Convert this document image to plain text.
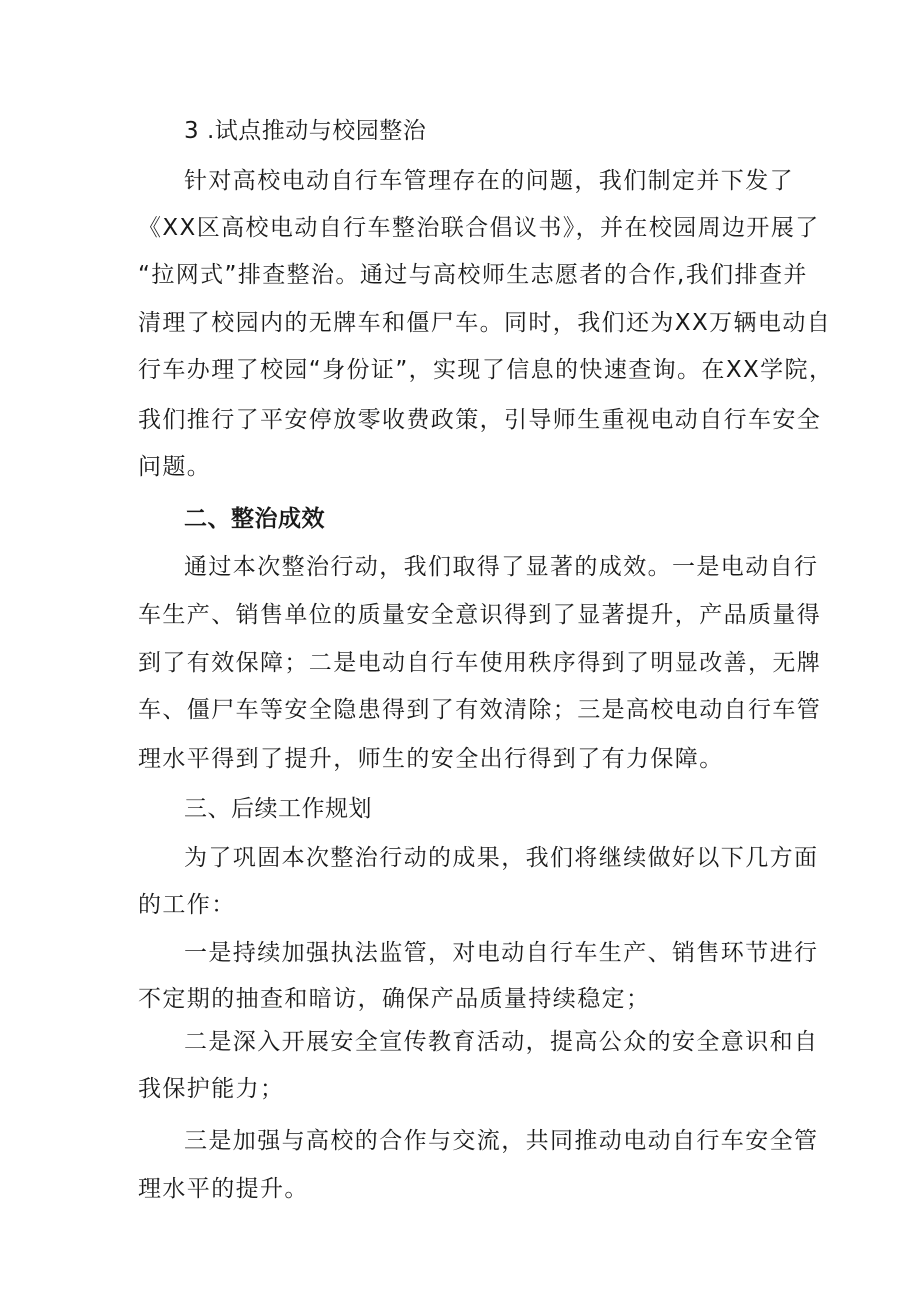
3 .试点推动与校园整治
针对高校电动自行车管理存在的问题，我们制定并下发了
《XX区高校电动自行车整治联合倡议书》，并在校园周边开展了
“拉网式”排查整治。通过与高校师生志愿者的合作,我们排查并
清理了校园内的无牌车和僵尸车。同时，我们还为XX万辆电动自
行车办理了校园“身份证”，实现了信息的快速查询。在XX学院，
我们推行了平安停放零收费政策，引导师生重视电动自行车安全
问题。
二、整治成效
通过本次整治行动，我们取得了显著的成效。一是电动自行
车生产、销售单位的质量安全意识得到了显著提升，产品质量得
到了有效保障；二是电动自行车使用秩序得到了明显改善，无牌
车、僵尸车等安全隐患得到了有效清除；三是高校电动自行车管
理水平得到了提升，师生的安全出行得到了有力保障。
三、后续工作规划
为了巩固本次整治行动的成果，我们将继续做好以下几方面
的工作：
一是持续加强执法监管，对电动自行车生产、销售环节进行
不定期的抽查和暗访，确保产品质量持续稳定；
二是深入开展安全宣传教育活动，提高公众的安全意识和自
我保护能力；
三是加强与高校的合作与交流，共同推动电动自行车安全管
理水平的提升。
